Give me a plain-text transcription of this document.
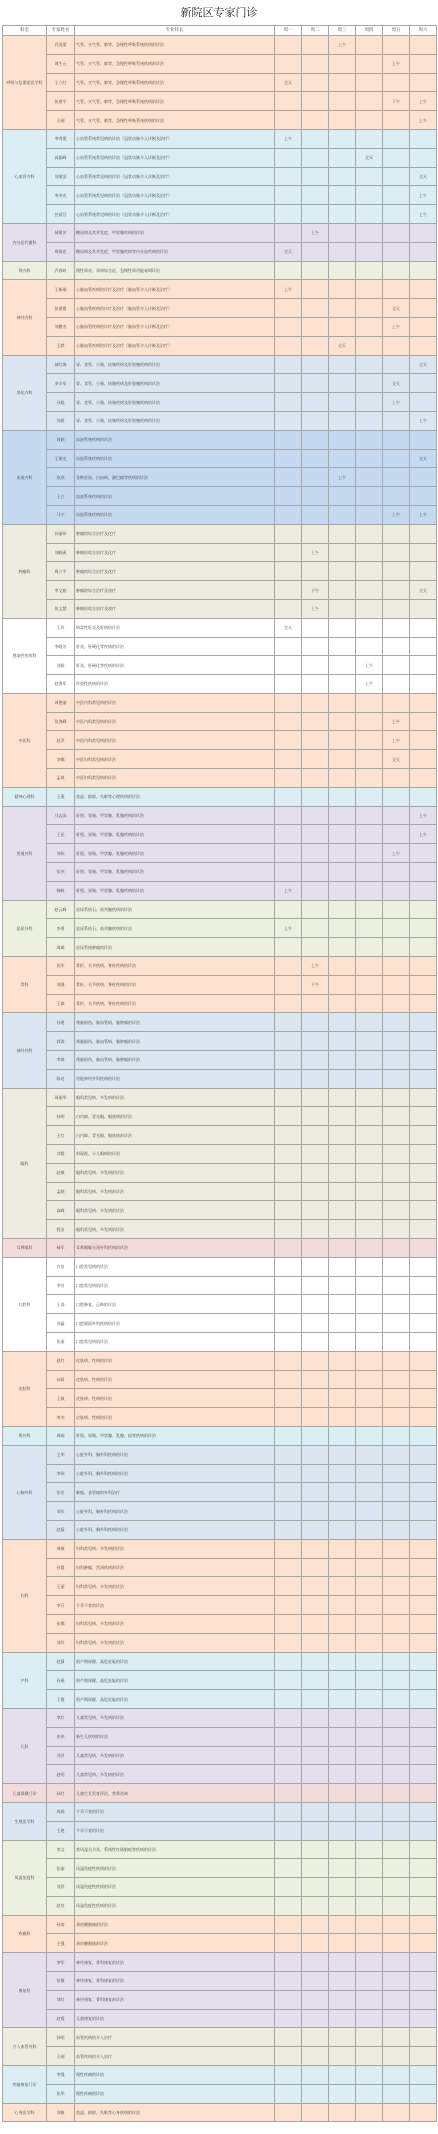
新院区专家门诊
科室	专家姓名	专业特长	周一	周二	周三	周四	周五	周六
呼吸与危重症医学科	肖国梁	气管、支气管、肺等，急慢性呼吸系统疾病的诊治			上午			
	周生元	气管、支气管、肺等，急慢性呼吸系统疾病的诊治					上午	
	王立红	气管、支气管、肺等，急慢性呼吸系统疾病的诊治	全天					
	张建平	气管、支气管、肺等，急慢性呼吸系统疾病的诊治					下午	上午
	王刚	气管、支气管、肺等，急慢性呼吸系统疾病的诊治						上午
心血管内科	李秀建	心血管系统常见病的诊治（冠状动脉介入诊断及治疗）	上午					
	高振峰	心血管系统常见病的诊治（冠状动脉介入诊断及治疗）				全天		
	刘建国	心血管系统常见病的诊治（冠状动脉介入诊断及治疗）						全天
	李冬光	心血管系统常见病的诊治（冠状动脉介入诊断及治疗）						上午
	任爱芬	心血管系统常见病的诊治（冠状动脉介入诊断及治疗）						上午
内分泌代谢科	郝建芳	糖尿病及其并发症，甲状腺疾病的诊治		上午				
	周银花	糖尿病及其并发症，甲状腺疾病等内分泌疾病的诊治	全天					
肾内科	乔春岭	慢性肾炎、肾病综合征、急慢性肾功能衰竭诊治						
神经内科	王新刚	心脑血管疾病的诊疗及治疗（脑血管介入诊断及治疗）	上午					
	张建霞	心脑血管疾病的诊疗及治疗（脑血管介入诊断及治疗）					全天	
	刘鹏杰	心脑血管疾病的诊疗及治疗（脑血管介入诊断及治疗）					上午	
	王默	心脑血管疾病的诊疗及治疗（脑血管介入诊断及治疗）			全天			
消化内科	郝红海	胃、食管、小肠、结肠疾病及肝胆胰疾病的诊治						全天
	李辛军	胃、食管、小肠、结肠疾病及肝胆胰疾病的诊治					全天	
	孙聪	胃、食管、小肠、结肠疾病及肝胆胰疾病的诊治					上午	
	刘波	胃、食管、小肠、结肠疾病及肝胆胰疾病的诊治						上午
血液内科	周娟	血液系统疾病的诊治						
	王建光	血液系统疾病的诊治						全天
	张欣	各种贫血、白血病、淋巴瘤等疾病的诊治			上午			
	王立	血液系统疾病的诊治						
	马宁	血液系统疾病的诊治					上午	上午
肿瘤科	孙丽伟	肿瘤的综合治疗及化疗						
	刘晓燕	肿瘤的综合治疗及化疗		上午				
	周立平	肿瘤的综合治疗及化疗						
	李文娟	肿瘤的综合治疗及放疗		下午				全天
	张文慧	肿瘤的综合治疗及放疗		上午				
感染性疾病科	王玲	病毒性肝炎及肝病的诊治	全天					
	李晓芳	肝炎、肝硬化等疾病的诊治						
	刘娟	肝炎、肝硬化等疾病的诊治				上午		
	赵海军	传染性疾病的诊治				上午		
中医科	周艳丽	中医内科常见病的诊治						
	张海峰	中医内科常见病的诊治					上午	
	赵萍	中医内科常见病的诊治					上午	
	李娜	中医妇科常见病的诊治					全天	
	孟岚	中医妇科常见病的诊治						
精神心理科	王燕	焦虑、抑郁、失眠等心理疾病的诊治						
普通外科	马志国	肝胆、胃肠、甲状腺、乳腺疾病的诊治						上午
	王佳	肝胆、胃肠、甲状腺、乳腺疾病的诊治						上午
	刘伟	肝胆、胃肠、甲状腺、乳腺疾病的诊治					上午	
	张杰	肝胆、胃肠、甲状腺、乳腺疾病的诊治						
	杨帆	肝胆、胃肠、甲状腺、乳腺疾病的诊治	上午					
泌尿外科	赵云峰	泌尿系结石、前列腺疾病的诊治						
	李勇	泌尿系结石、前列腺疾病的诊治	上午					
	周斌	泌尿系统肿瘤的诊治						
骨科	张军	骨折、关节疾病、脊柱疾病的诊治		上午				
	刘强	骨折、关节疾病、脊柱疾病的诊治		下午				
	王斌	骨折、关节疾病、脊柱疾病的诊治						
神经外科	孙建	颅脑损伤、脑血管病、脑肿瘤的诊治						
	郭涛	颅脑损伤、脑血管病、脑肿瘤的诊治						
	李海	颅脑损伤、脑血管病、脑肿瘤的诊治						
	陈亮	功能神经外科疾病的诊治						
眼科	周丽华	眼科常见病、多发病的诊治						
	孙明	白内障、青光眼、眼底病的诊治						
	王红	白内障、青光眼、眼底病的诊治						
	刘霞	斜弱视、小儿眼病的诊治						
	赵敏	眼科常见病、多发病的诊治						
	孟晓	眼科常见病、多发病的诊治						
	高峰	眼科常见病、多发病的诊治						
	程洁	眼科常见病、多发病的诊治						
耳鼻喉科	杨军	耳鼻咽喉头颈外科疾病的诊治						
口腔科	许洁	口腔常见病的诊治						
	李芳	口腔常见病的诊治						
	王涛	口腔修复、正畸的诊治						
	刘鑫	口腔颌面外科疾病的诊治						
	张丽	口腔常见病的诊治						
皮肤科	赵红	皮肤病、性病的诊治						
	孙莉	皮肤病、性病的诊治						
	王敏	皮肤病、性病的诊治						
	李杰	皮肤病、性病的诊治						
普外科	周刚	肝胆、胃肠、甲状腺、乳腺、疝等疾病的诊治						
心胸外科	王华	心脏外科、胸外科疾病的诊治						
	李伟	心脏外科、胸外科疾病的诊治						
	张宏	肺癌、食管癌的外科治疗						
	刘军	心脏外科、胸外科疾病的诊治						
	赵磊	心脏外科、胸外科疾病的诊治						
妇科	周敏	妇科常见病、多发病的诊治						
	孙霞	妇科肿瘤、宫颈疾病的诊治						
	王丽	妇科常见病、多发病的诊治						
	李芬	不孕不育的诊治						
	张娜	妇科常见病、多发病的诊治						
	刘玲	妇科常见病、多发病的诊治						
产科	赵静	围产期保健、高危妊娠的诊治						
	孙燕	围产期保健、高危妊娠的诊治						
	王霞	围产期保健、高危妊娠的诊治						
儿科	李红	儿童常见病、多发病的诊治						
	张伟	新生儿疾病的诊治						
	刘芳	儿童常见病、多发病的诊治						
	赵明	儿童常见病、多发病的诊治						
儿童保健门诊	孙红	儿童生长发育评估、营养咨询						
生殖医学科	周娟	不孕不育的诊治						
	王艳	不孕不育的诊治						
风湿免疫科	李文	类风湿关节炎、系统性红斑狼疮等疾病的诊治						
	张丽	风湿免疫性疾病的诊治						
	刘洋	风湿免疫性疾病的诊治						
	赵亮	风湿免疫性疾病的诊治						
疼痛科	孙涛	颈肩腰腿痛的诊治						
	王强	颈肩腰腿痛的诊治						
康复科	李军	神经康复、骨科康复的诊治						
	张敏	神经康复、骨科康复的诊治						
	刘红	神经康复、骨科康复的诊治						
	赵霞	儿童康复的诊治						
介入血管外科	孙明	血管疾病的介入治疗						
	王刚	血管疾病的介入治疗						
疼痛康复门诊	李强	慢性疼痛的诊治						
	张华	慢性疼痛的诊治						
心身医学科	刘敏	焦虑、抑郁、失眠等心身疾病的诊治						
